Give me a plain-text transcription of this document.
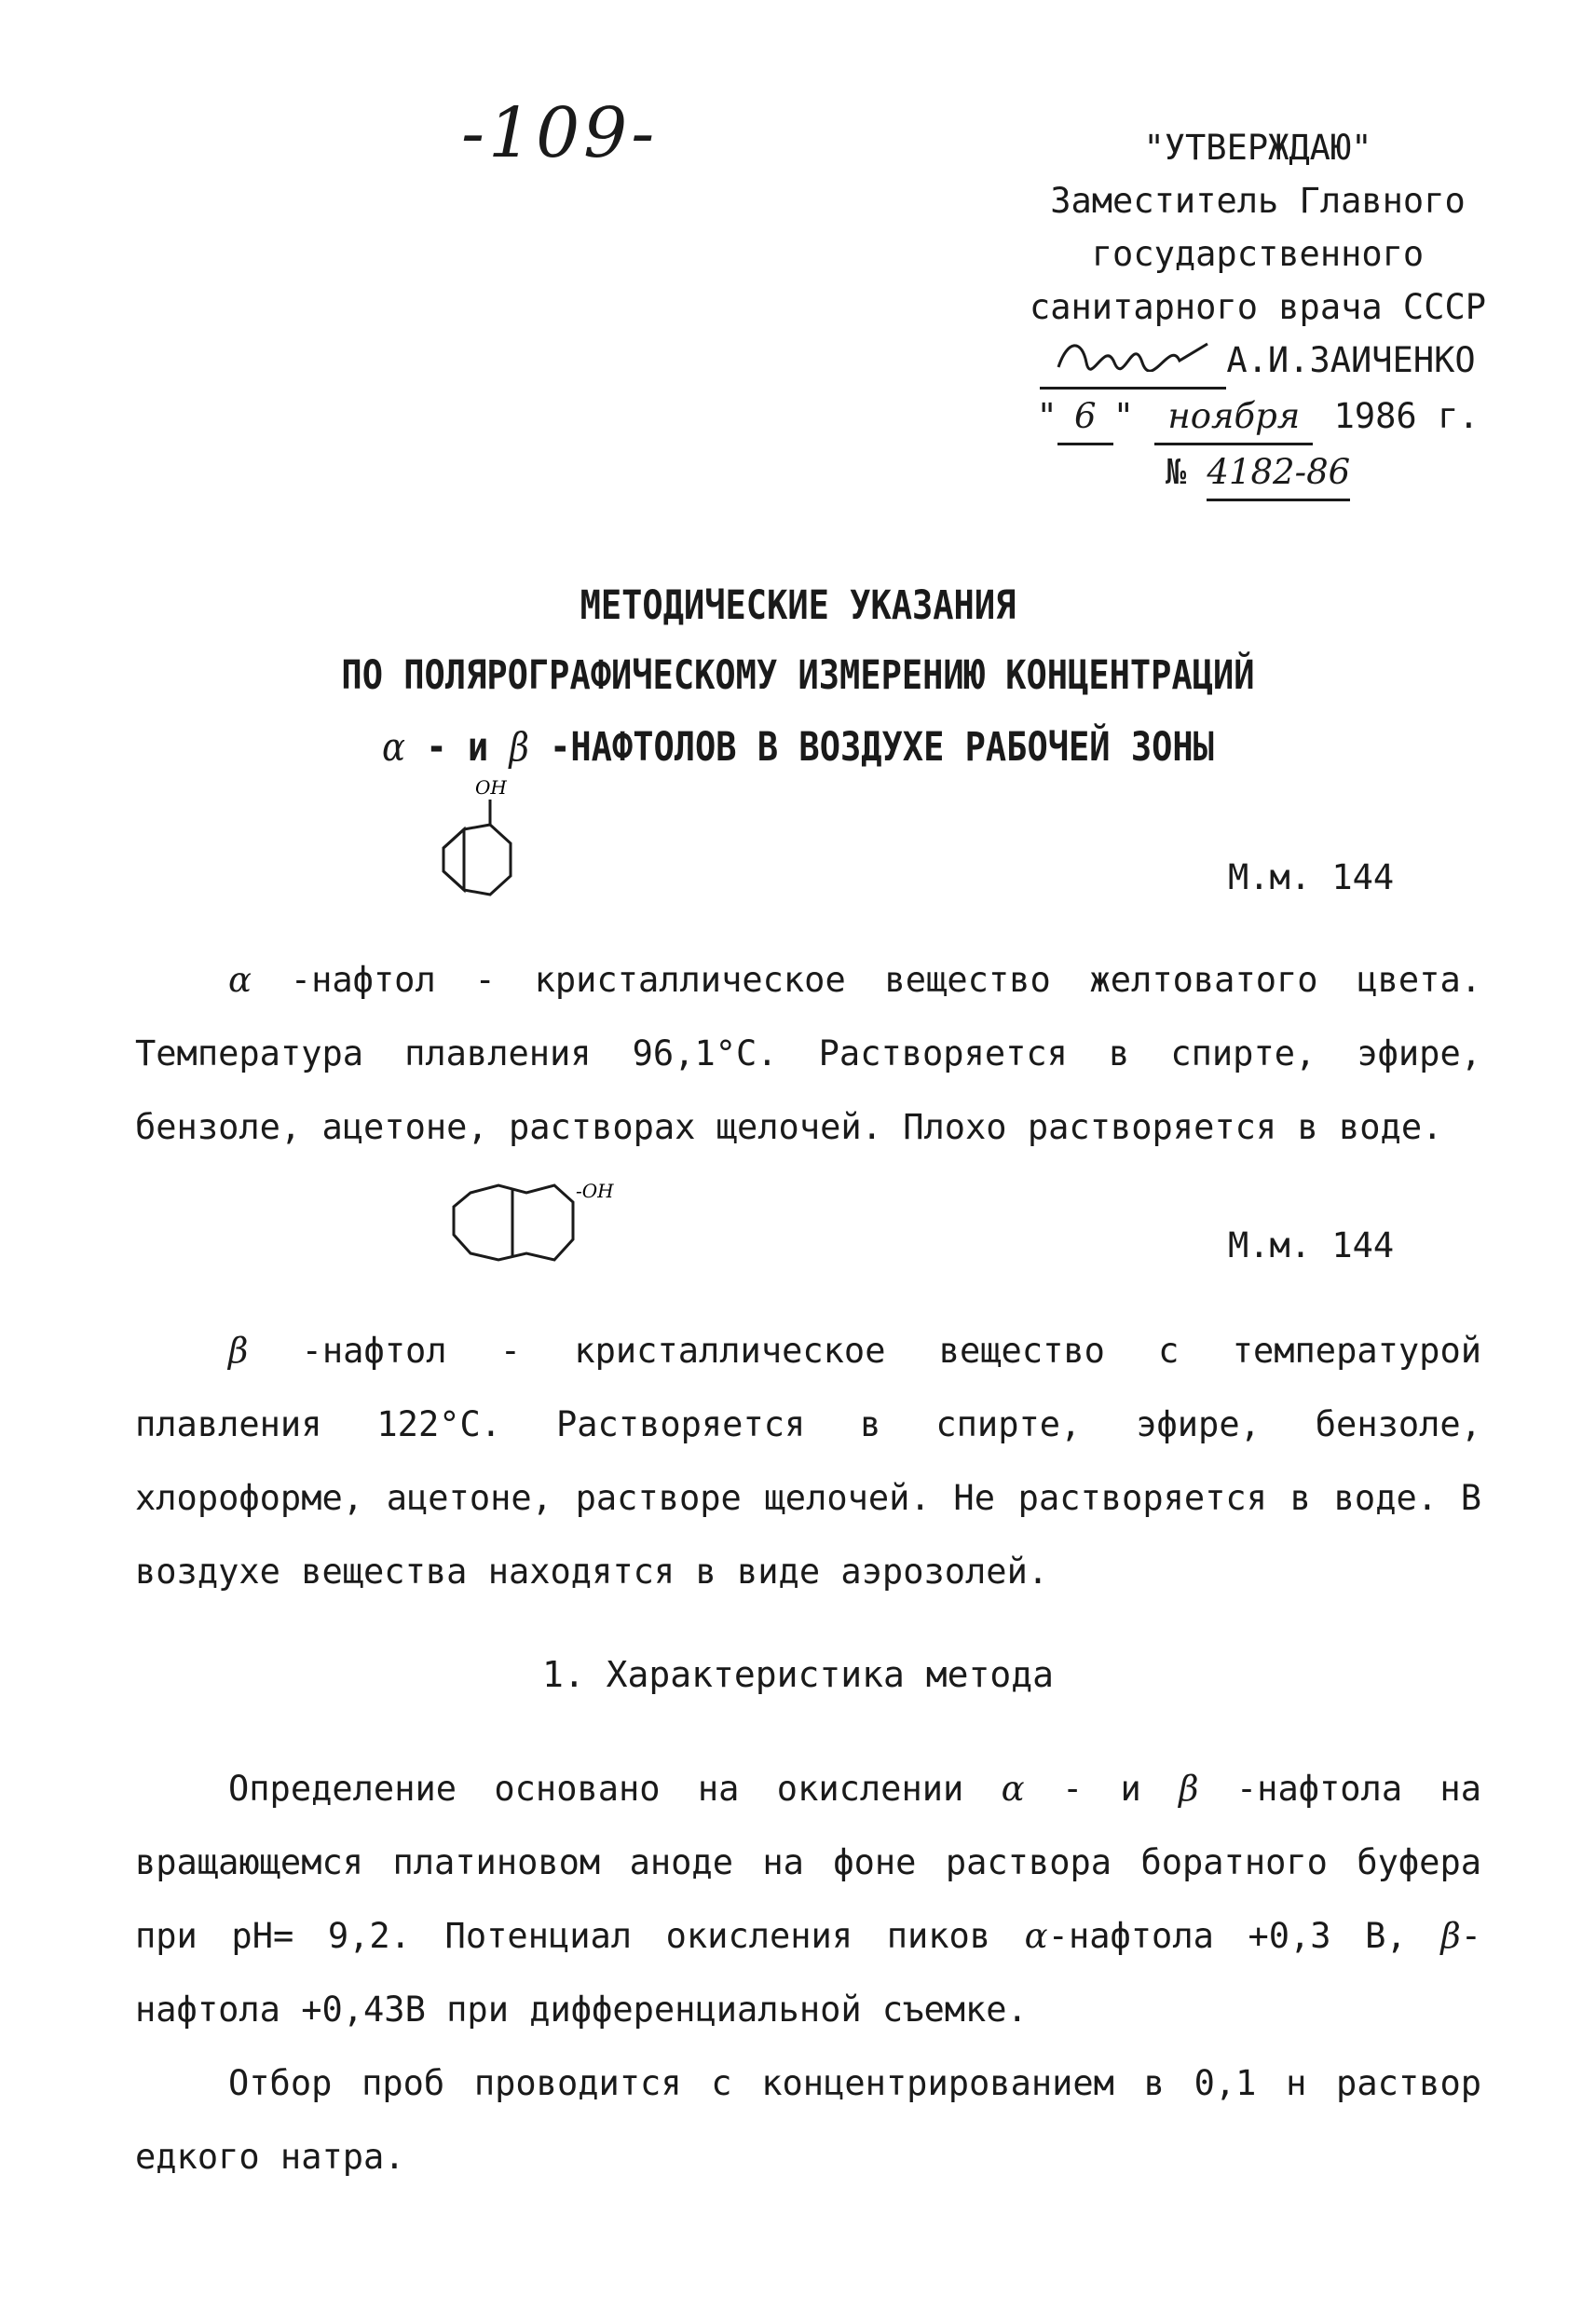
-109-	"УТВЕРЖДАЮ"
Заместитель Главного
государственного
санитарного врача СССР
А.И.ЗАИЧЕНКО
" 6 " ноября 1986 г.
№ 4182-86
МЕТОДИЧЕСКИЕ УКАЗАНИЯ
ПО ПОЛЯРОГРАФИЧЕСКОМУ ИЗМЕРЕНИЮ КОНЦЕНТРАЦИЙ
α - и β -НАФТОЛОВ В ВОЗДУХЕ РАБОЧЕЙ ЗОНЫ
OH
М.м. 144

α -нафтол - кристаллическое вещество желтоватого цвета. Температура плавления 96,1°С. Растворяется в спирте, эфире, бензоле, ацетоне, растворах щелочей. Плохо растворяется в воде.

-OH
М.м. 144

β -нафтол - кристаллическое вещество с температурой плавления 122°С. Растворяется в спирте, эфире, бензоле, хлороформе, ацетоне, растворе щелочей. Не растворяется в воде. В воздухе вещества находятся в виде аэрозолей.

1. Характеристика метода

Определение основано на окислении α - и β -нафтола на вращающемся платиновом аноде на фоне раствора боратного буфера при pH= 9,2. Потенциал окисления пиков α-нафтола +0,3 В, β-нафтола +0,43В при дифференциальной съемке.

Отбор проб проводится с концентрированием в 0,1 н раствор едкого натра.
